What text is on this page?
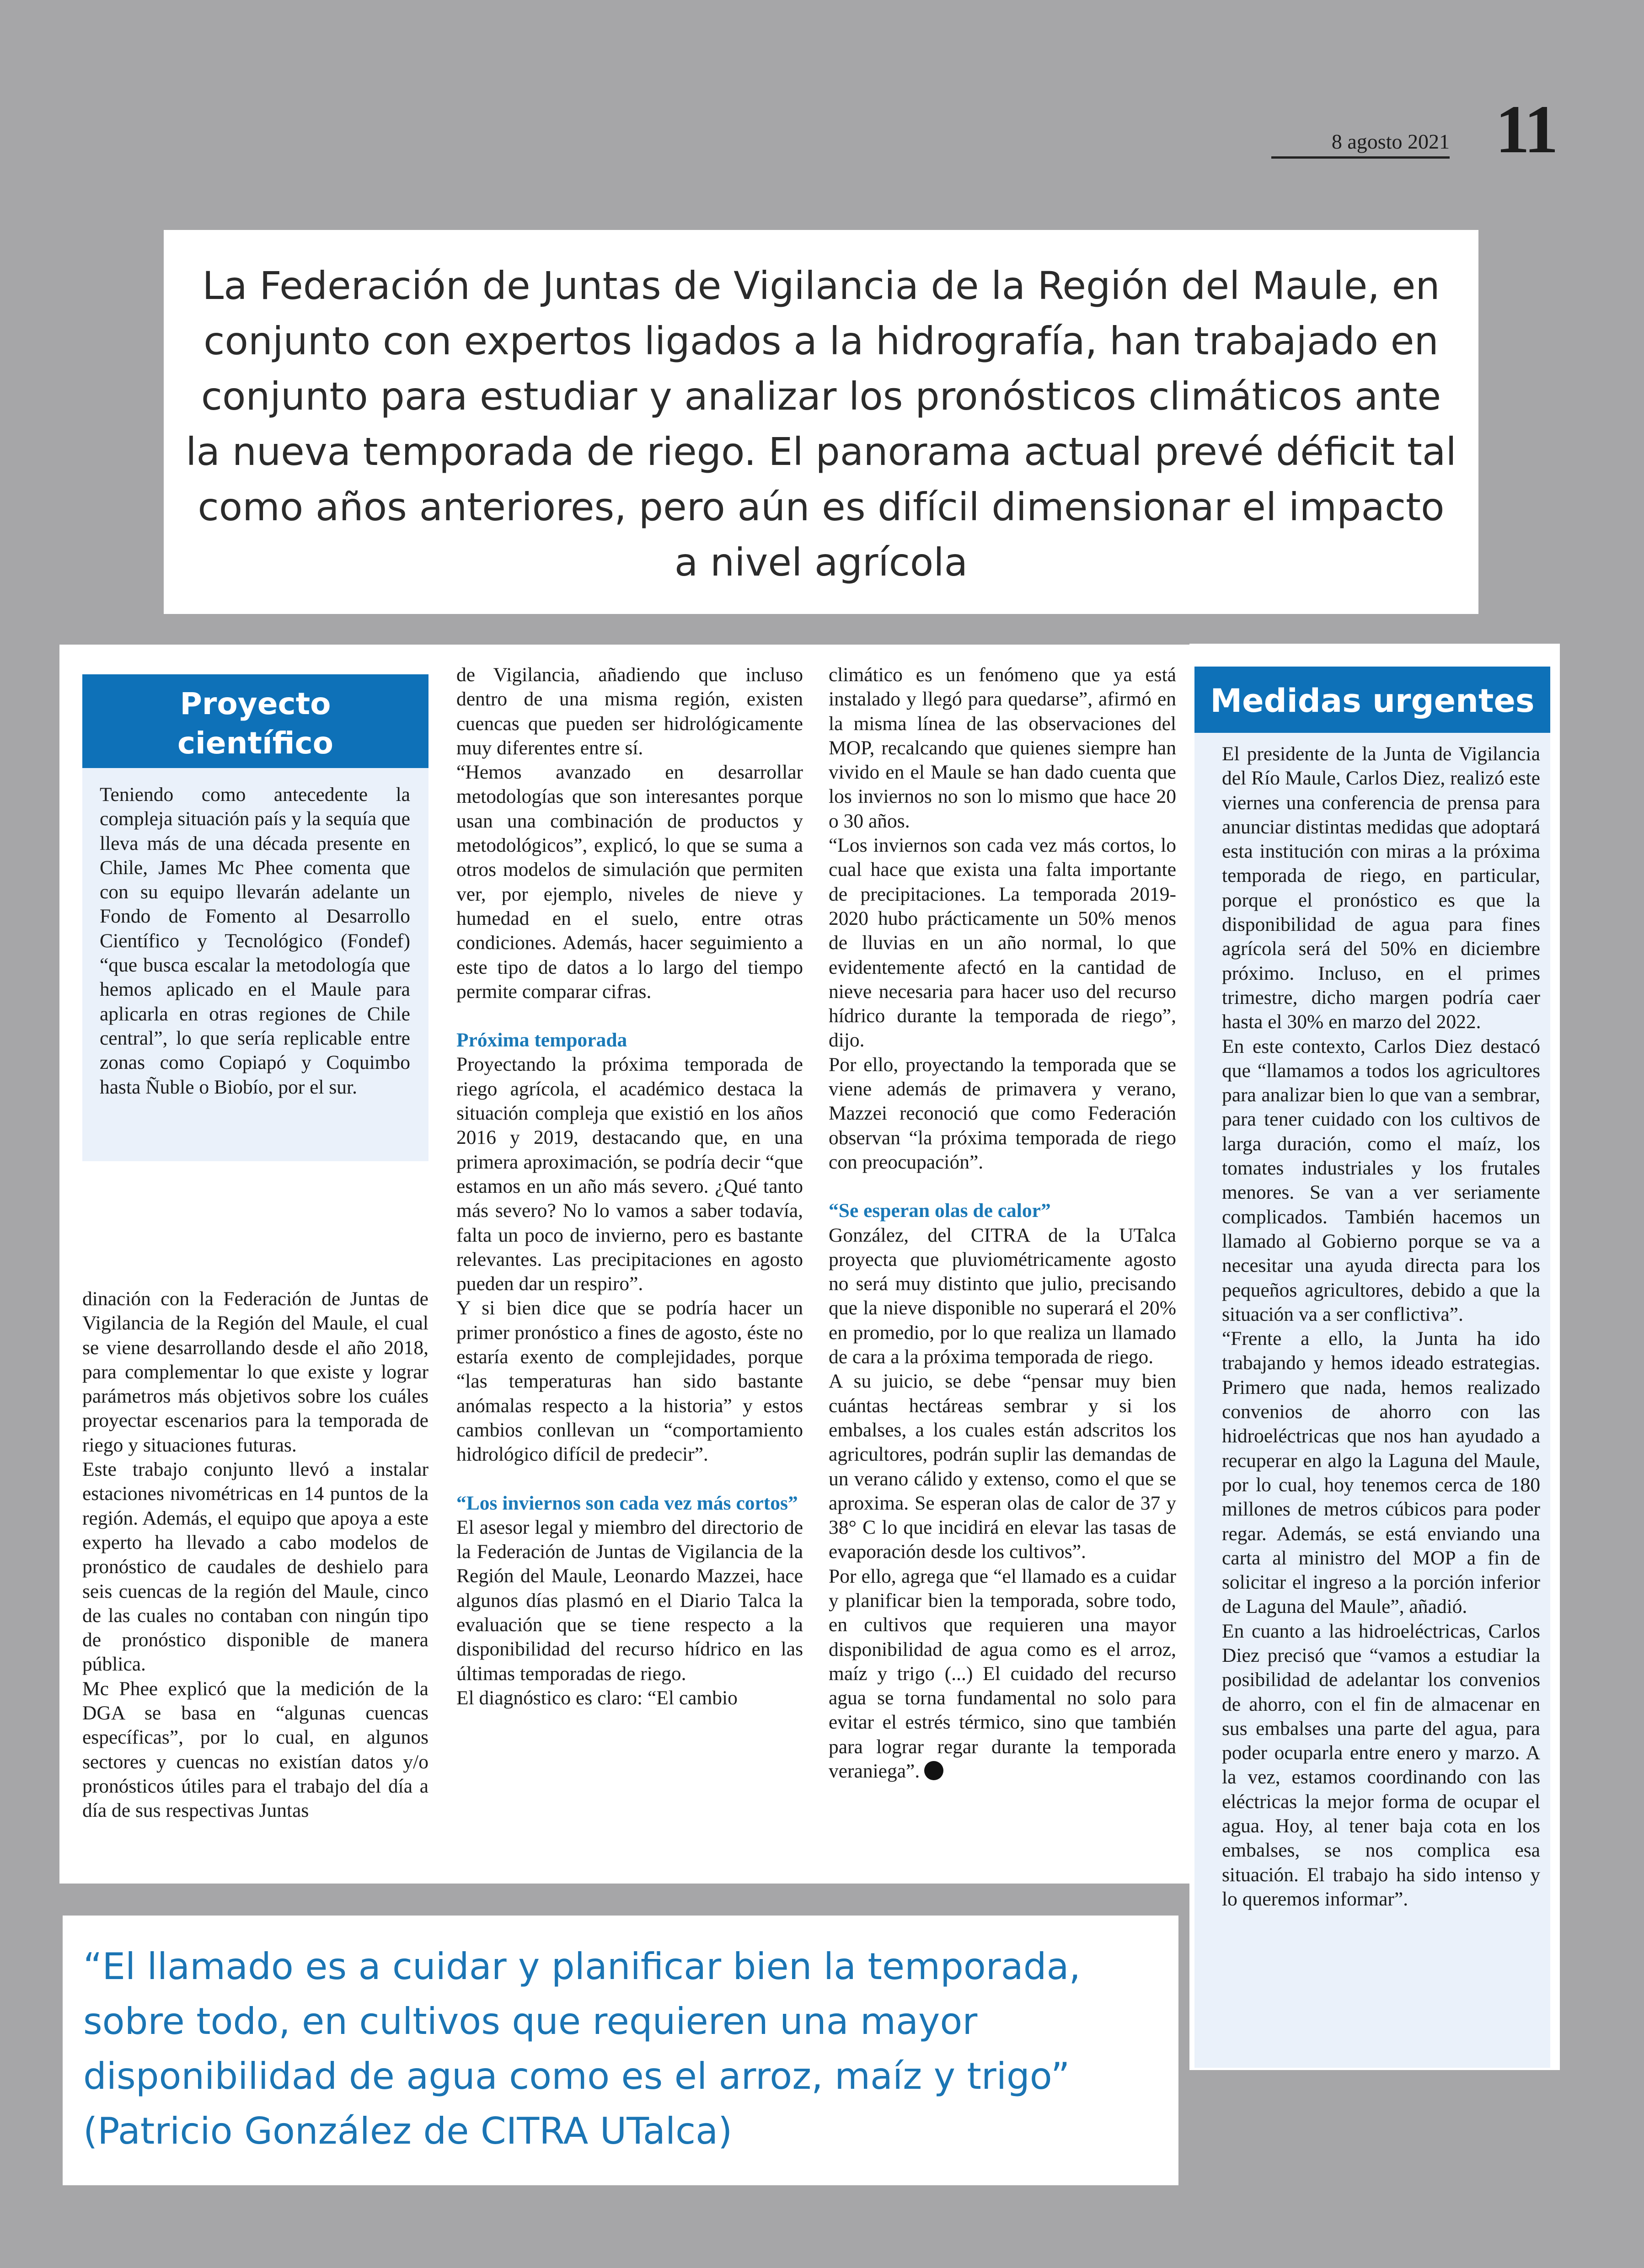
8 agosto 2021 11
La Federación de Juntas de Vigilancia de la Región del Maule, en conjunto con expertos ligados a la hidrografía, han trabajado en conjunto para estudiar y analizar los pronósticos climáticos ante la nueva temporada de riego. El panorama actual prevé déficit tal como años anteriores, pero aún es difícil dimensionar el impacto a nivel agrícola
Proyecto científico

Teniendo como antecedente la compleja situación país y la sequía que lleva más de una década presente en Chile, James Mc Phee comenta que con su equipo llevarán adelante un Fondo de Fomento al Desarrollo Científico y Tecnológico (Fondef) “que busca escalar la metodología que hemos aplicado en el Maule para aplicarla en otras regiones de Chile central”, lo que sería replicable entre zonas como Copiapó y Coquimbo hasta Ñuble o Biobío, por el sur.

dinación con la Federación de Juntas de Vigilancia de la Región del Maule, el cual se viene desarrollando desde el año 2018, para complementar lo que existe y lograr parámetros más objetivos sobre los cuáles proyectar escenarios para la temporada de riego y situaciones futuras.

Este trabajo conjunto llevó a instalar estaciones nivométricas en 14 puntos de la región. Además, el equipo que apoya a este experto ha llevado a cabo modelos de pronóstico de caudales de deshielo para seis cuencas de la región del Maule, cinco de las cuales no contaban con ningún tipo de pronóstico disponible de manera pública.

Mc Phee explicó que la medición de la DGA se basa en “algunas cuencas específicas”, por lo cual, en algunos sectores y cuencas no existían datos y/o pronósticos útiles para el trabajo del día a día de sus respectivas Juntas

de Vigilancia, añadiendo que incluso dentro de una misma región, existen cuencas que pueden ser hidrológicamente muy diferentes entre sí.

“Hemos avanzado en desarrollar metodologías que son interesantes porque usan una combinación de productos y metodológicos”, explicó, lo que se suma a otros modelos de simulación que permiten ver, por ejemplo, niveles de nieve y humedad en el suelo, entre otras condiciones. Además, hacer seguimiento a este tipo de datos a lo largo del tiempo permite comparar cifras.

Próxima temporada

Proyectando la próxima temporada de riego agrícola, el académico destaca la situación compleja que existió en los años 2016 y 2019, destacando que, en una primera aproximación, se podría decir “que estamos en un año más severo. ¿Qué tanto más severo? No lo vamos a saber todavía, falta un poco de invierno, pero es bastante relevantes. Las precipitaciones en agosto pueden dar un respiro”.

Y si bien dice que se podría hacer un primer pronóstico a fines de agosto, éste no estaría exento de complejidades, porque “las temperaturas han sido bastante anómalas respecto a la historia” y estos cambios conllevan un “comportamiento hidrológico difícil de predecir”.

“Los inviernos son cada vez más cortos”

El asesor legal y miembro del directorio de la Federación de Juntas de Vigilancia de la Región del Maule, Leonardo Mazzei, hace algunos días plasmó en el Diario Talca la evaluación que se tiene respecto a la disponibilidad del recurso hídrico en las últimas temporadas de riego.

El diagnóstico es claro: “El cambio

climático es un fenómeno que ya está instalado y llegó para quedarse”, afirmó en la misma línea de las observaciones del MOP, recalcando que quienes siempre han vivido en el Maule se han dado cuenta que los inviernos no son lo mismo que hace 20 o 30 años.

“Los inviernos son cada vez más cortos, lo cual hace que exista una falta importante de precipitaciones. La temporada 2019-2020 hubo prácticamente un 50% menos de lluvias en un año normal, lo que evidentemente afectó en la cantidad de nieve necesaria para hacer uso del recurso hídrico durante la temporada de riego”, dijo.

Por ello, proyectando la temporada que se viene además de primavera y verano, Mazzei reconoció que como Federación observan “la próxima temporada de riego con preocupación”.

“Se esperan olas de calor”

González, del CITRA de la UTalca proyecta que pluviométricamente agosto no será muy distinto que julio, precisando que la nieve disponible no superará el 20% en promedio, por lo que realiza un llamado de cara a la próxima temporada de riego.

A su juicio, se debe “pensar muy bien cuántas hectáreas sembrar y si los embalses, a los cuales están adscritos los agricultores, podrán suplir las demandas de un verano cálido y extenso, como el que se aproxima. Se esperan olas de calor de 37 y 38° C lo que incidirá en elevar las tasas de evaporación desde los cultivos”.

Por ello, agrega que “el llamado es a cuidar y planificar bien la temporada, sobre todo, en cultivos que requieren una mayor disponibilidad de agua como es el arroz, maíz y trigo (...) El cuidado del recurso agua se torna fundamental no solo para evitar el estrés térmico, sino que también para lograr regar durante la temporada veraniega”.

Medidas urgentes

El presidente de la Junta de Vigilancia del Río Maule, Carlos Diez, realizó este viernes una conferencia de prensa para anunciar distintas medidas que adoptará esta institución con miras a la próxima temporada de riego, en particular, porque el pronóstico es que la disponibilidad de agua para fines agrícola será del 50% en diciembre próximo. Incluso, en el primes trimestre, dicho margen podría caer hasta el 30% en marzo del 2022.

En este contexto, Carlos Diez destacó que “llamamos a todos los agricultores para analizar bien lo que van a sembrar, para tener cuidado con los cultivos de larga duración, como el maíz, los tomates industriales y los frutales menores. Se van a ver seriamente complicados. También hacemos un llamado al Gobierno porque se va a necesitar una ayuda directa para los pequeños agricultores, debido a que la situación va a ser conflictiva”.

“Frente a ello, la Junta ha ido trabajando y hemos ideado estrategias. Primero que nada, hemos realizado convenios de ahorro con las hidroeléctricas que nos han ayudado a recuperar en algo la Laguna del Maule, por lo cual, hoy tenemos cerca de 180 millones de metros cúbicos para poder regar. Además, se está enviando una carta al ministro del MOP a fin de solicitar el ingreso a la porción inferior de Laguna del Maule”, añadió.

En cuanto a las hidroeléctricas, Carlos Diez precisó que “vamos a estudiar la posibilidad de adelantar los convenios de ahorro, con el fin de almacenar en sus embalses una parte del agua, para poder ocuparla entre enero y marzo. A la vez, estamos coordinando con las eléctricas la mejor forma de ocupar el agua. Hoy, al tener baja cota en los embalses, se nos complica esa situación. El trabajo ha sido intenso y lo queremos informar”.

“El llamado es a cuidar y planificar bien la temporada, sobre todo, en cultivos que requieren una mayor disponibilidad de agua como es el arroz, maíz y trigo” (Patricio González de CITRA UTalca)
